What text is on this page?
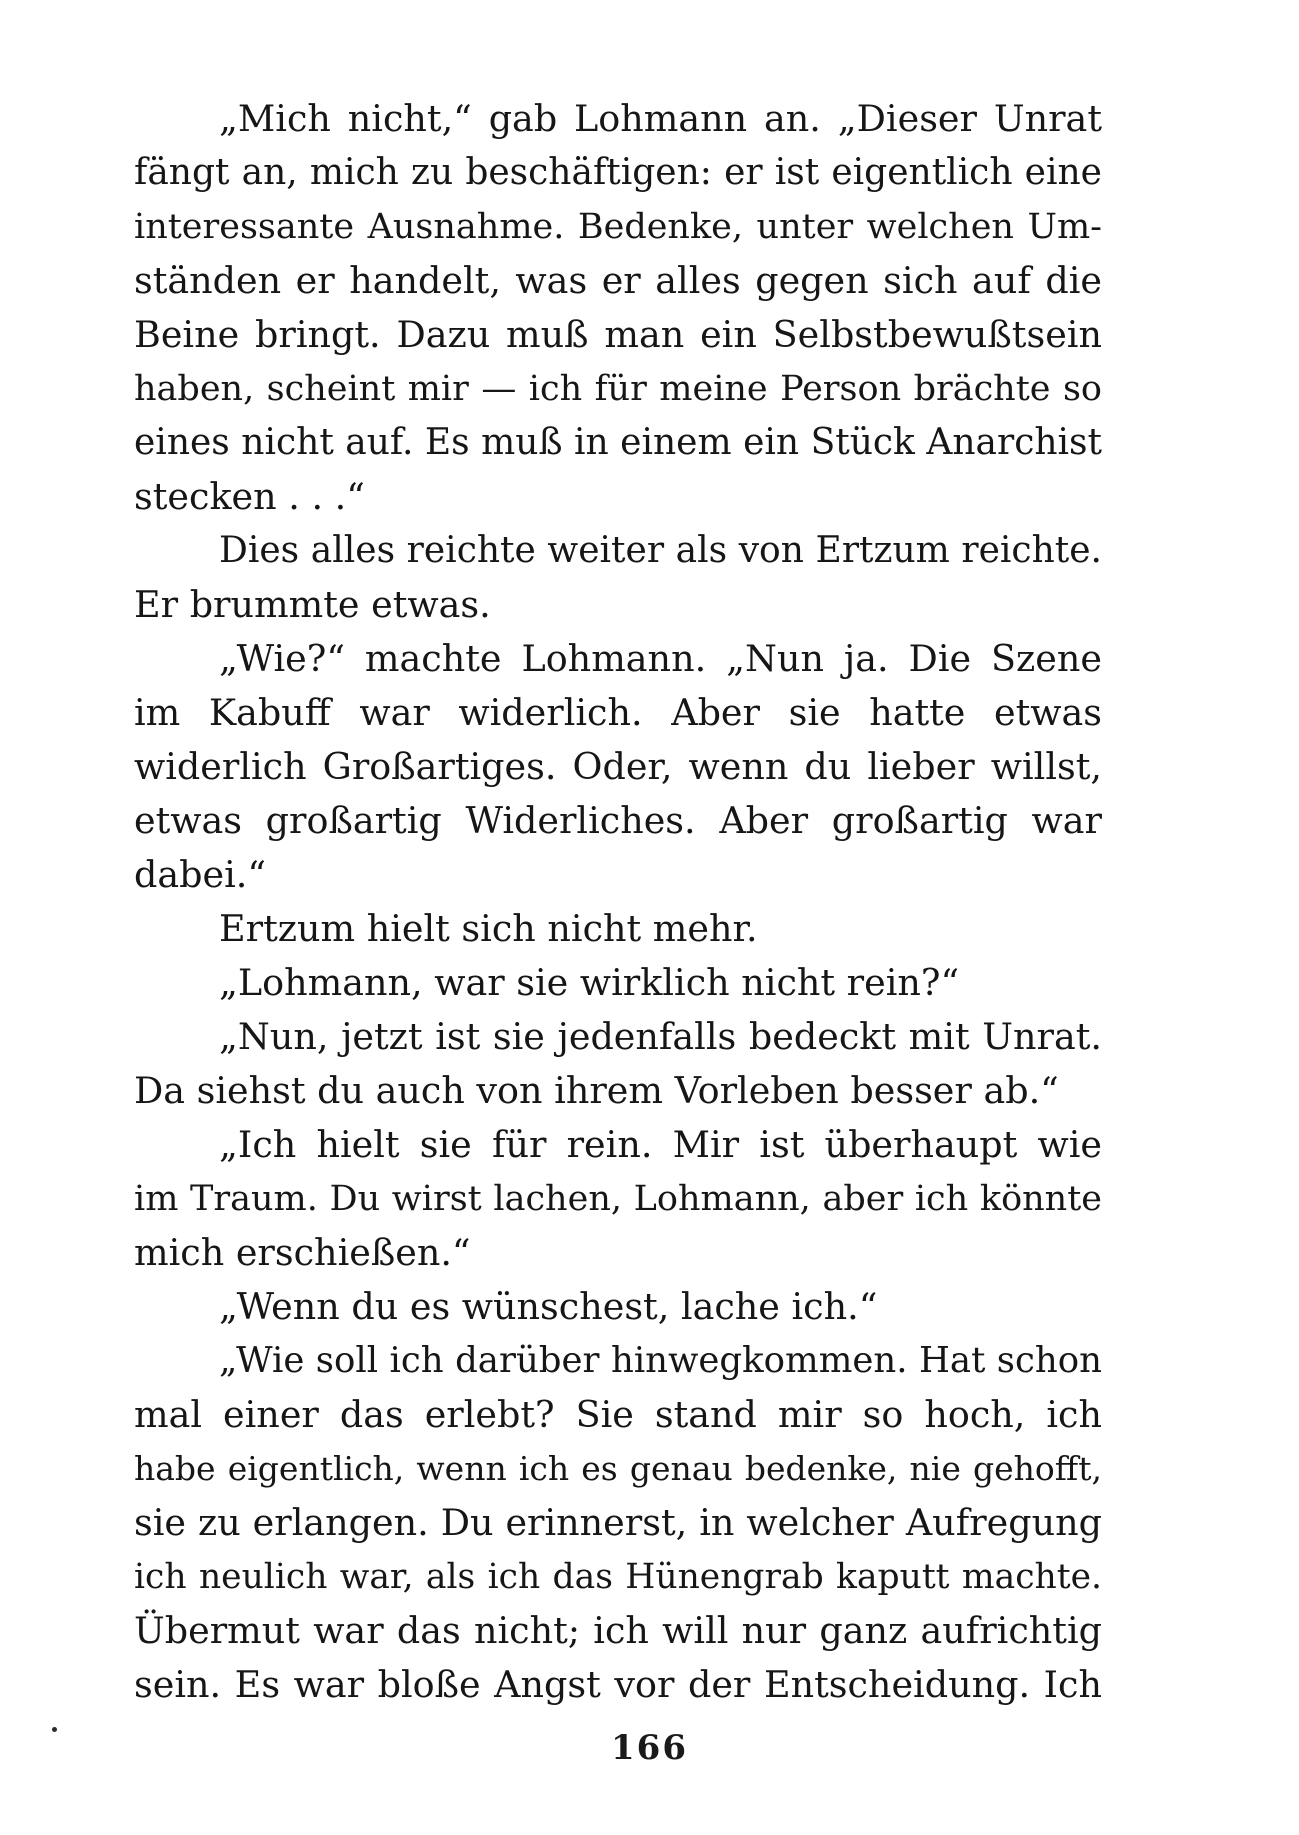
„Mich nicht,“ gab Lohmann an. „Dieser Unrat
fängt an, mich zu beschäftigen: er ist eigentlich eine
interessante Ausnahme. Bedenke, unter welchen Um-
ständen er handelt, was er alles gegen sich auf die
Beine bringt. Dazu muß man ein Selbstbewußtsein
haben, scheint mir — ich für meine Person brächte so
eines nicht auf. Es muß in einem ein Stück Anarchist
stecken . . .“
Dies alles reichte weiter als von Ertzum reichte.
Er brummte etwas.
„Wie?“ machte Lohmann. „Nun ja. Die Szene
im Kabuff war widerlich. Aber sie hatte etwas
widerlich Großartiges. Oder, wenn du lieber willst,
etwas großartig Widerliches. Aber großartig war
dabei.“
Ertzum hielt sich nicht mehr.
„Lohmann, war sie wirklich nicht rein?“
„Nun, jetzt ist sie jedenfalls bedeckt mit Unrat.
Da siehst du auch von ihrem Vorleben besser ab.“
„Ich hielt sie für rein. Mir ist überhaupt wie
im Traum. Du wirst lachen, Lohmann, aber ich könnte
mich erschießen.“
„Wenn du es wünschest, lache ich.“
„Wie soll ich darüber hinwegkommen. Hat schon
mal einer das erlebt? Sie stand mir so hoch, ich
habe eigentlich, wenn ich es genau bedenke, nie gehofft,
sie zu erlangen. Du erinnerst, in welcher Aufregung
ich neulich war, als ich das Hünengrab kaputt machte.
Übermut war das nicht; ich will nur ganz aufrichtig
sein. Es war bloße Angst vor der Entscheidung. Ich
166
